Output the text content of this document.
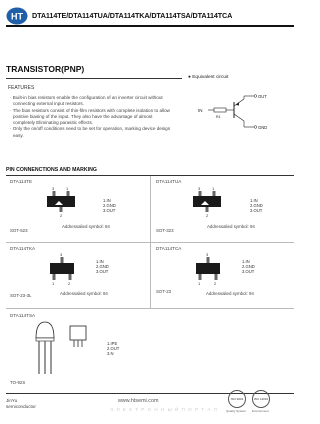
HT DTA114TE/DTA114TUA/DTA114TKA/DTA114TSA/DTA114TCA
TRANSISTOR(PNP)
FEATURES
· Built-in bias resistors enable the configuration of an inverter circuit without connecting external input resistors.
· The bias resistors consist of thin-film resistors with complete isolation to allow positive biasing of the input. They also have the advantage of almost completely Eliminating parasitic effects.
· Only the on/off conditions need to be set for operation, marking device design easy.
● Equivalent circuit
IN
R1
OUT
GND
PIN CONNENCTIONS AND MARKING
DTA114TE
3	1
2
1.IN
2.GND
3.OUT
SOT-523
Addressalied symbol: 94
DTA114TUA
3	1
2
1.IN
2.GND
3.OUT
SOT-323
Addressalied symbol: 94
DTA114TKA
3
1	2
1.IN
2.GND
3.OUT
SOT-23-3L	Addressalied symbol: 94
DTA114TCA
3
1	2
1.IN
2.GND
3.OUT
SOT-23	Addressalied symbol: 94
DTA114TSA
1.IPE
2.OUT
3.N
TO-92S
JinYu
semiconductor
www.htsemi.com
Э Л Е К Т Р О Н Н Ы Й П О Р Т А Л
ISO 9001	ISO 14001
Quality System Environment
